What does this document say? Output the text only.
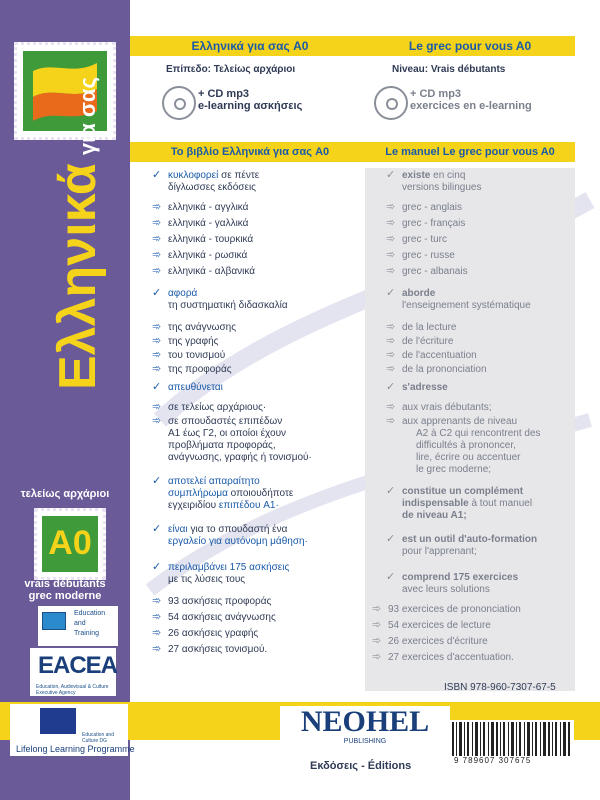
Ελληνικάγια σας
τελείως αρχάριοι
A0
vrais débutants
grec moderne
Education
and
Training
EACEA
Education, Audiovisual & Culture Executive Agency
Education and Culture DG
Lifelong Learning Programme
Ελληνικά για σας A0	Le grec pour vous A0
Επίπεδο: Τελείως αρχάριοι	Niveau: Vrais débutants
+ CD mp3
e-learning ασκήσεις
+ CD mp3
exercices en e-learning
Το βιβλίο Ελληνικά για σας A0	Le manuel Le grec pour vous A0
✓ κυκλοφορεί σε πέντε
δίγλωσσες εκδόσεις
➾ ελληνικά - αγγλικά
➾ ελληνικά - γαλλικά
➾ ελληνικά - τουρκικά
➾ ελληνικά - ρωσικά
➾ ελληνικά - αλβανικά
✓ αφορά
τη συστηματική διδασκαλία
➾ της ανάγνωσης
➾ της γραφής
➾ του τονισμού
➾ της προφοράς
✓ απευθύνεται
➾ σε τελείως αρχάριους·
➾ σε σπουδαστές επιπέδων
A1 έως Γ2, οι οποίοι έχουν
προβλήματα προφοράς,
ανάγνωσης, γραφής ή τονισμού·
✓ αποτελεί απαραίτητο
συμπλήρωμα οποιουδήποτε
εγχειριδίου επιπέδου A1·
✓ είναι για το σπουδαστή ένα
εργαλείο για αυτόνομη μάθηση·
✓ περιλαμβάνει 175 ασκήσεις
με τις λύσεις τους
➾ 93 ασκήσεις προφοράς
➾ 54 ασκήσεις ανάγνωσης
➾ 26 ασκήσεις γραφής
➾ 27 ασκήσεις τονισμού.
✓ existe en cinq
versions bilingues
➾ grec - anglais
➾ grec - français
➾ grec - turc
➾ grec - russe
➾ grec - albanais
✓ aborde
l'enseignement systématique
➾ de la lecture
➾ de l'écriture
➾ de l'accentuation
➾ de la prononciation
✓ s'adresse
➾ aux vrais débutants;
➾ aux apprenants de niveau
A2 à C2 qui rencontrent des
difficultés à prononcer,
lire, écrire ou accentuer
le grec moderne;
✓ constitue un complément
indispensable à tout manuel
de niveau A1;
✓ est un outil d'auto-formation
pour l'apprenant;
✓ comprend 175 exercices
avec leurs solutions
➾ 93 exercices de prononciation
➾ 54 exercices de lecture
➾ 26 exercices d'écriture
➾ 27 exercices d'accentuation.
ISBN 978-960-7307-67-5
NEOHEL
PUBLISHING
Εκδόσεις - Éditions	9 789607 307675
